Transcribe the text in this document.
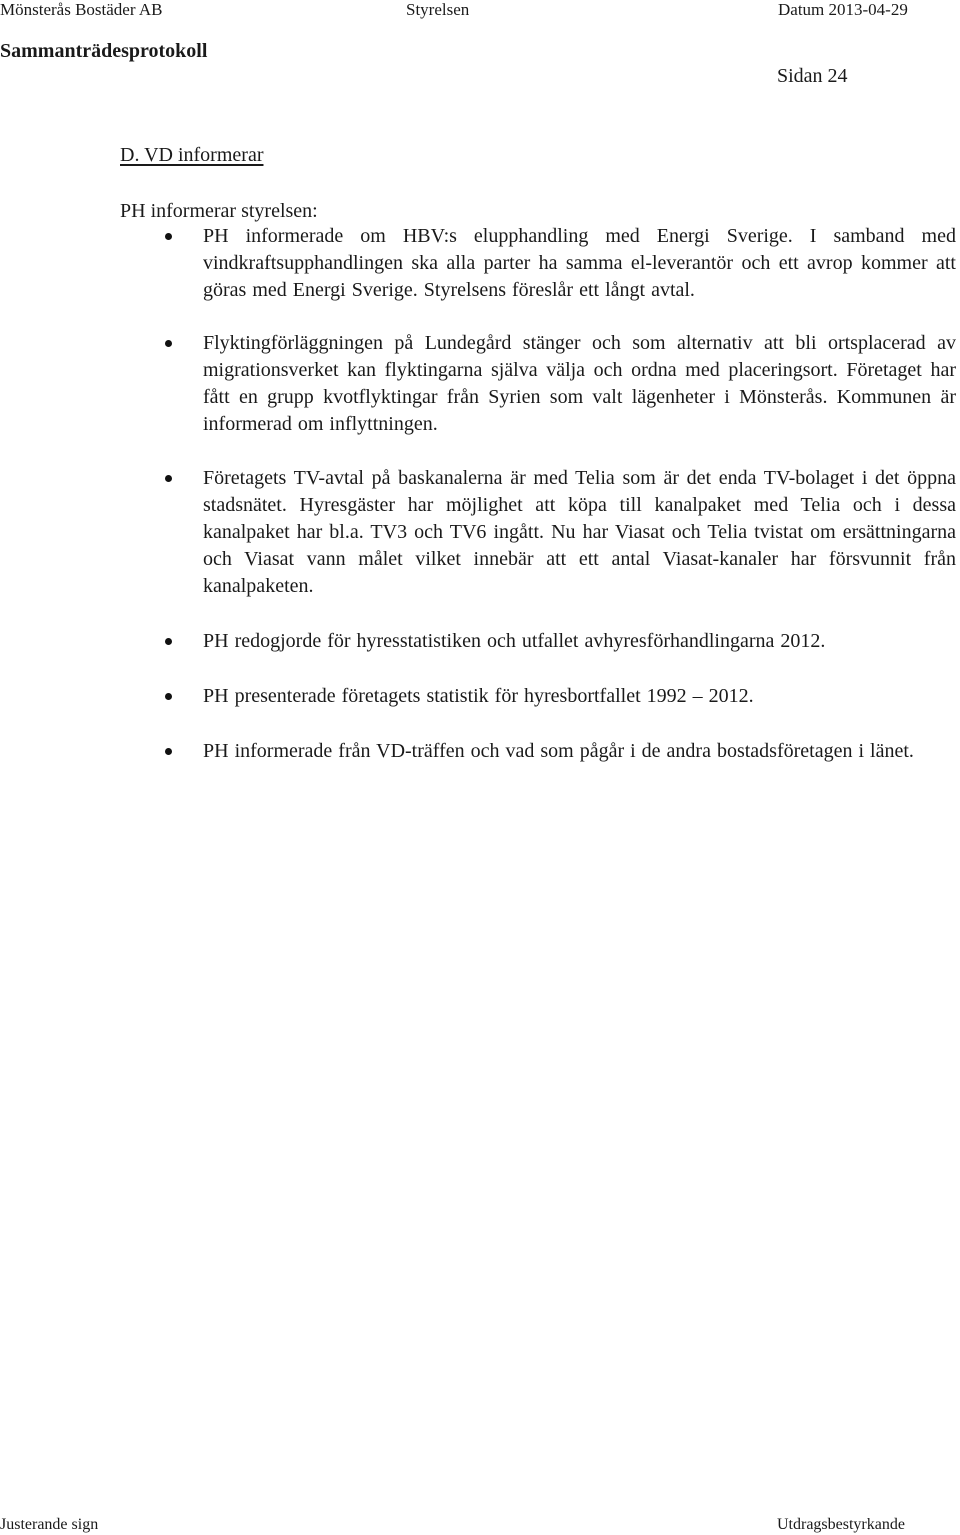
Mönsterås Bostäder AB	Styrelsen	Datum 2013-04-29
Sammanträdesprotokoll
Sidan 24
D. VD informerar
PH informerar styrelsen:

PH informerade om HBV:s elupphandling med Energi Sverige. I samband med vindkraftsupphandlingen ska alla parter ha samma el-leverantör och ett avrop kommer att göras med Energi Sverige. Styrelsens föreslår ett långt avtal.

Flyktingförläggningen på Lundegård stänger och som alternativ att bli ortsplacerad av migrationsverket kan flyktingarna själva välja och ordna med placeringsort. Företaget har fått en grupp kvotflyktingar från Syrien som valt lägenheter i Mönsterås. Kommunen är informerad om inflyttningen.

Företagets TV-avtal på baskanalerna är med Telia som är det enda TV-bolaget i det öppna stadsnätet. Hyresgäster har möjlighet att köpa till kanalpaket med Telia och i dessa kanalpaket har bl.a. TV3 och TV6 ingått. Nu har Viasat och Telia tvistat om ersättningarna och Viasat vann målet vilket innebär att ett antal Viasat-kanaler har försvunnit från kanalpaketen.

PH redogjorde för hyresstatistiken och utfallet avhyresförhandlingarna 2012.

PH presenterade företagets statistik för hyresbortfallet 1992 – 2012.

PH informerade från VD-träffen och vad som pågår i de andra bostadsföretagen i länet.

Justerande sign	Utdragsbestyrkande
